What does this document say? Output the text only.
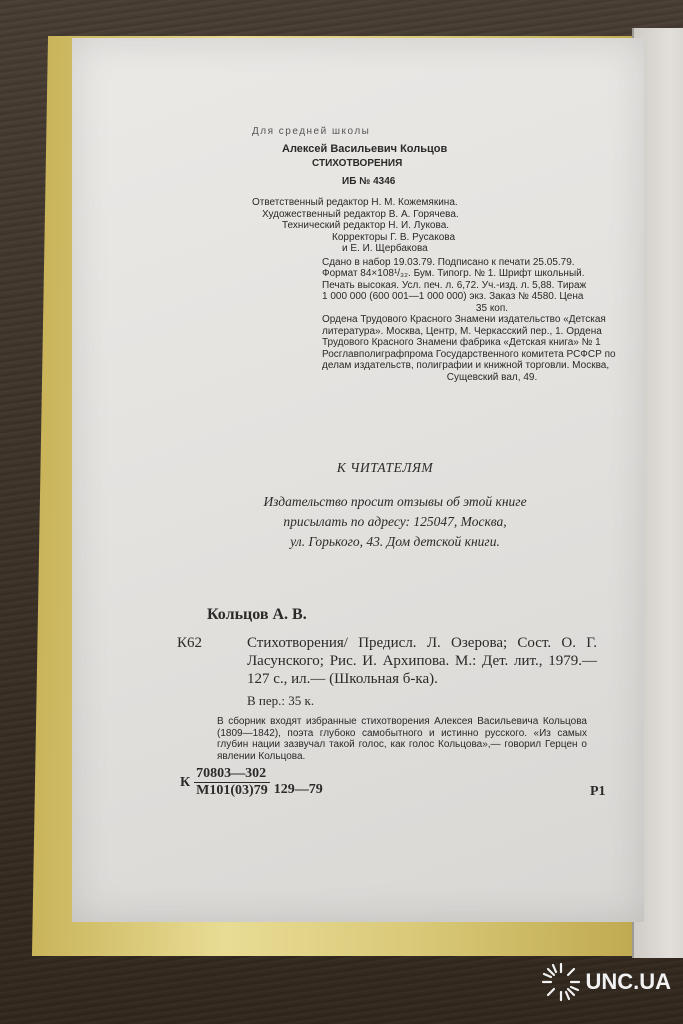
Для средней школы
Алексей Васильевич Кольцов
СТИХОТВОРЕНИЯ
ИБ № 4346
Ответственный редактор Н. М. Кожемякина.
Художественный редактор В. А. Горячева.
Технический редактор Н. И. Лукова.
Корректоры Г. В. Русакова
и Е. И. Щербакова
Сдано в набор 19.03.79. Подписано к печати 25.05.79.
Формат 84×108¹/₃₂. Бум. Типогр. № 1. Шрифт школьный.
Печать высокая. Усл. печ. л. 6,72. Уч.-изд. л. 5,88. Тираж
1 000 000 (600 001—1 000 000) экз. Заказ № 4580. Цена
35 коп.
Ордена Трудового Красного Знамени издательство «Детская
литература». Москва, Центр, М. Черкасский пер., 1. Ордена
Трудового Красного Знамени фабрика «Детская книга» № 1
Росглавполиграфпрома Государственного комитета РСФСР по
делам издательств, полиграфии и книжной торговли. Москва,
Сущевский вал, 49.
К ЧИТАТЕЛЯМ
Издательство просит отзывы об этой книге
присылать по адресу: 125047, Москва,
ул. Горького, 43. Дом детской книги.
Кольцов А. В.
К62	Стихотворения/ Предисл. Л. Озерова; Сост. О. Г. Ласунского; Рис. И. Архипова. М.: Дет. лит., 1979.— 127 с., ил.— (Школьная б-ка).
В пер.: 35 к.
В сборник входят избранные стихотворения Алексея Васильевича Кольцова (1809—1842), поэта глубоко самобытного и истинно русского. «Из самых глубин нации зазвучал такой голос, как голос Кольцова»,— говорил Герцен о явлении Кольцова.
К $\frac{70803—302}{М101(03)79}$ 129—79	Р1
UNC.UA
